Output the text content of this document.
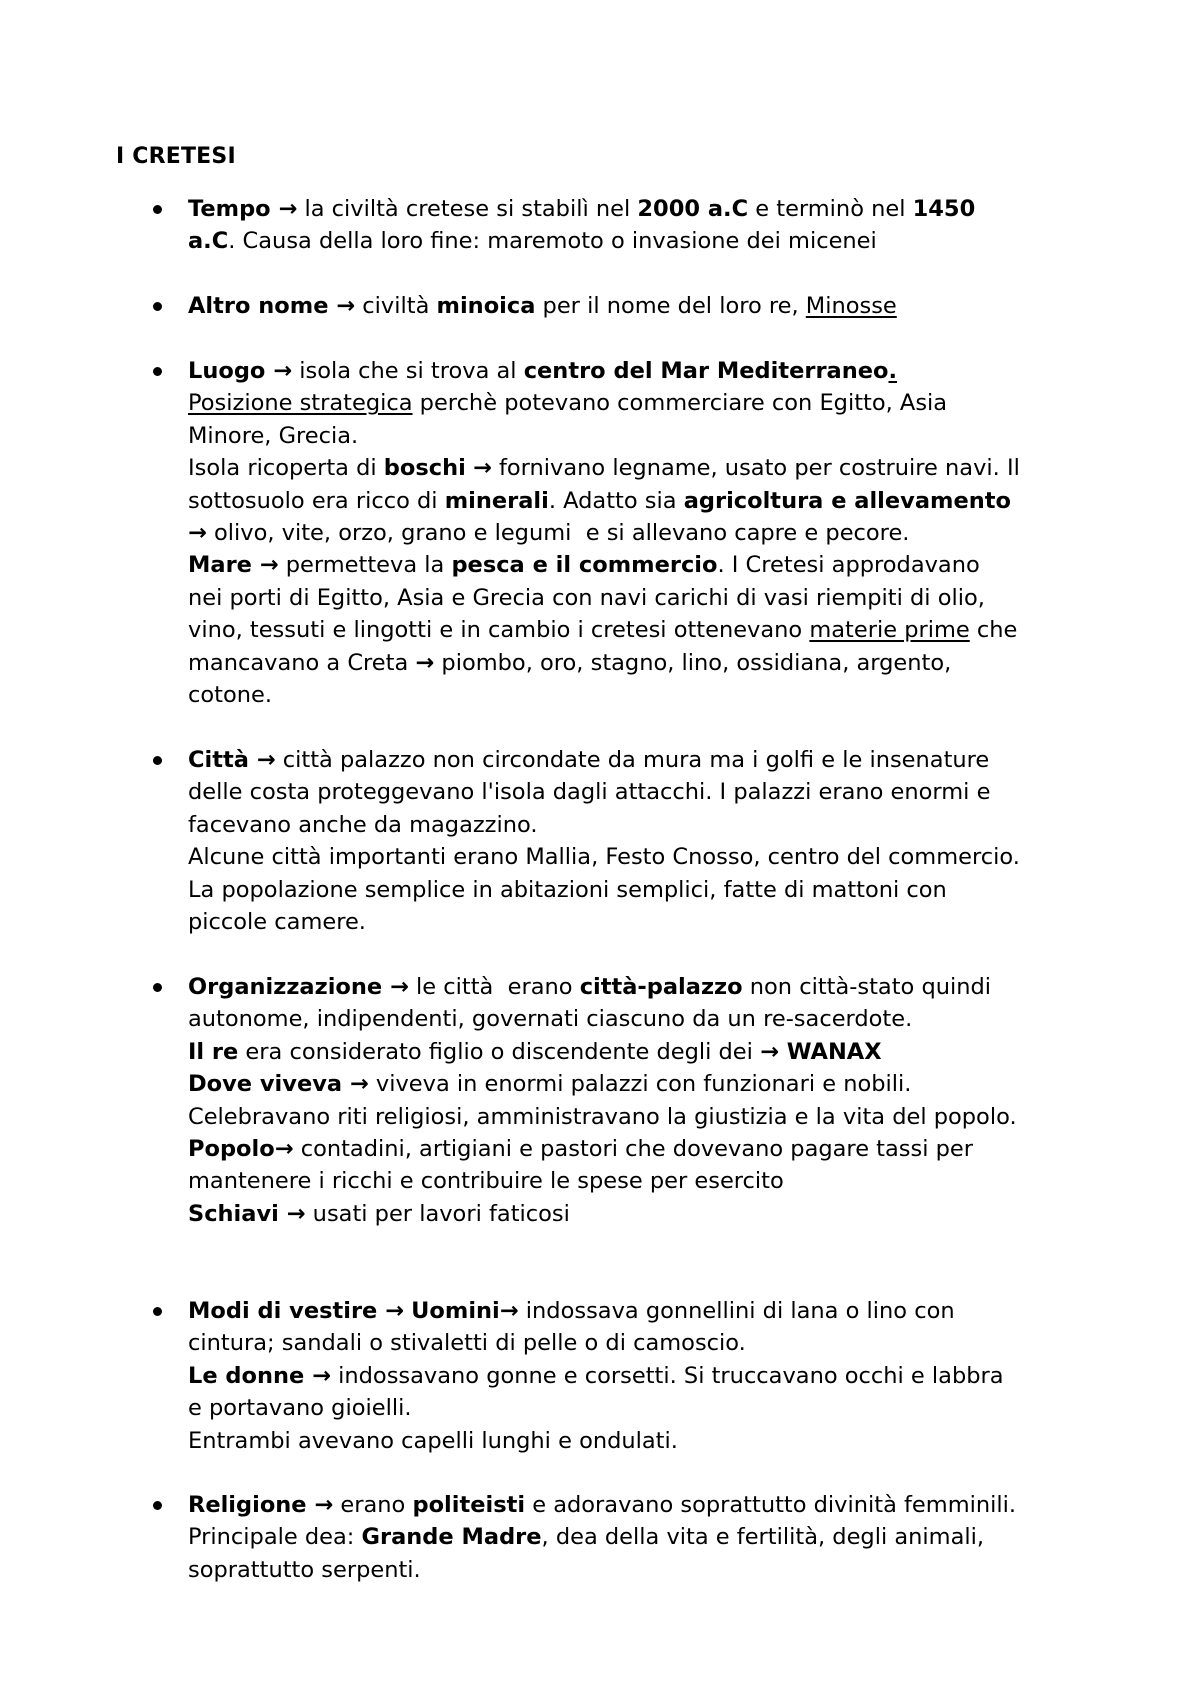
I CRETESI
Tempo → la civiltà cretese si stabilì nel 2000 a.C e terminò nel 1450
a.C. Causa della loro fine: maremoto o invasione dei micenei
Altro nome → civiltà minoica per il nome del loro re, Minosse
Luogo → isola che si trova al centro del Mar Mediterraneo.
Posizione strategica perchè potevano commerciare con Egitto, Asia
Minore, Grecia.
Isola ricoperta di boschi → fornivano legname, usato per costruire navi. Il
sottosuolo era ricco di minerali. Adatto sia agricoltura e allevamento
→ olivo, vite, orzo, grano e legumi  e si allevano capre e pecore.
Mare → permetteva la pesca e il commercio. I Cretesi approdavano
nei porti di Egitto, Asia e Grecia con navi carichi di vasi riempiti di olio,
vino, tessuti e lingotti e in cambio i cretesi ottenevano materie prime che
mancavano a Creta → piombo, oro, stagno, lino, ossidiana, argento,
cotone.
Città → città palazzo non circondate da mura ma i golfi e le insenature
delle costa proteggevano l'isola dagli attacchi. I palazzi erano enormi e
facevano anche da magazzino.
Alcune città importanti erano Mallia, Festo Cnosso, centro del commercio.
La popolazione semplice in abitazioni semplici, fatte di mattoni con
piccole camere.
Organizzazione → le città  erano città-palazzo non città-stato quindi
autonome, indipendenti, governati ciascuno da un re-sacerdote.
Il re era considerato figlio o discendente degli dei → WANAX
Dove viveva → viveva in enormi palazzi con funzionari e nobili.
Celebravano riti religiosi, amministravano la giustizia e la vita del popolo.
Popolo→ contadini, artigiani e pastori che dovevano pagare tassi per
mantenere i ricchi e contribuire le spese per esercito
Schiavi → usati per lavori faticosi
Modi di vestire → Uomini→ indossava gonnellini di lana o lino con
cintura; sandali o stivaletti di pelle o di camoscio.
Le donne → indossavano gonne e corsetti. Si truccavano occhi e labbra
e portavano gioielli.
Entrambi avevano capelli lunghi e ondulati.
Religione → erano politeisti e adoravano soprattutto divinità femminili.
Principale dea: Grande Madre, dea della vita e fertilità, degli animali,
soprattutto serpenti.
